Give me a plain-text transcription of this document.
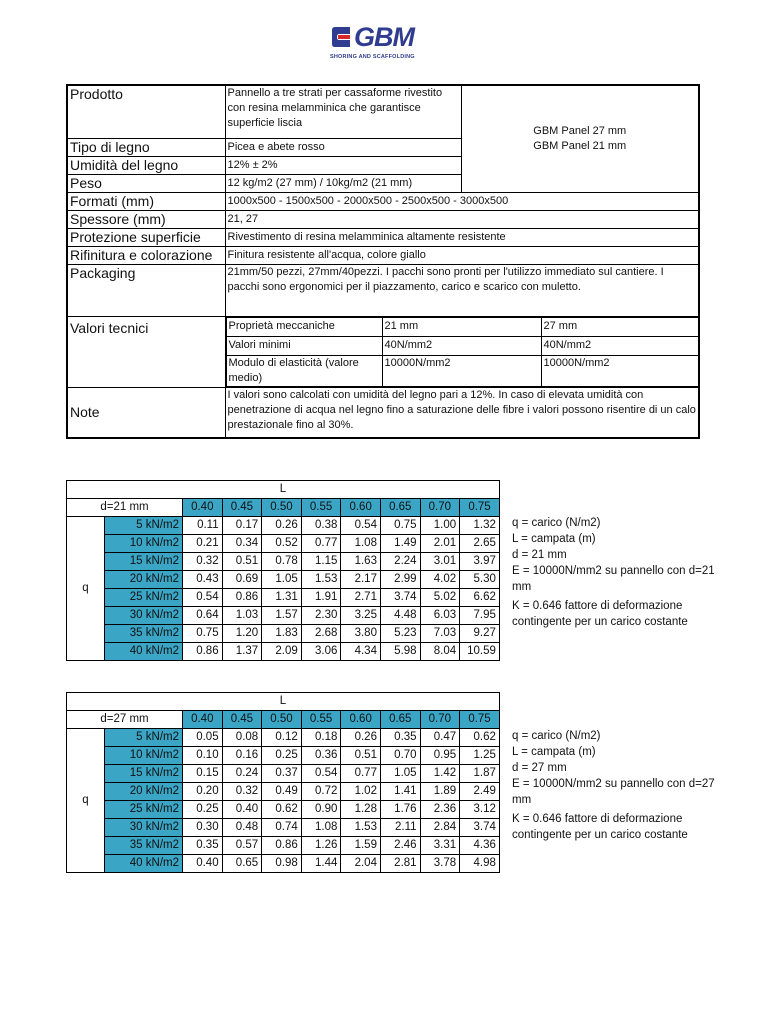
GBM
SHORING AND SCAFFOLDING
Prodotto	Pannello a tre strati per cassaforme rivestito con resina melamminica che garantisce superficie liscia	
GBM Panel 27 mm
GBM Panel 21 mm

Tipo di legno	Picea e abete rosso
Umidità del legno	12% ± 2%
Peso	12 kg/m2 (27 mm) / 10kg/m2 (21 mm)
Formati (mm)	1000x500 - 1500x500 - 2000x500 - 2500x500 - 3000x500
Spessore (mm)	21, 27
Protezione superficie	Rivestimento di resina melamminica altamente resistente
Rifinitura e colorazione	Finitura resistente all'acqua, colore giallo
Packaging	21mm/50 pezzi, 27mm/40pezzi. I pacchi sono pronti per l'utilizzo immediato sul cantiere. I pacchi sono ergonomici per il piazzamento, carico e scarico con muletto.
Valori tecnici		Proprietà meccaniche	21 mm	27 mm
Valori minimi	40N/mm2	40N/mm2
Modulo di elasticità (valore medio)	10000N/mm2	10000N/mm2

Note	I valori sono calcolati con umidità del legno pari a 12%. In caso di elevata umidità con penetrazione di acqua nel legno fino a saturazione delle fibre i valori possono risentire di un calo prestazionale fino al 30%.
L									
d=21 mm		0.40	0.45	0.50	0.55	0.60	0.65	0.70	0.75
q	5 kN/m2	0.11	0.17	0.26	0.38	0.54	0.75	1.00	1.32
	10 kN/m2	0.21	0.34	0.52	0.77	1.08	1.49	2.01	2.65
	15 kN/m2	0.32	0.51	0.78	1.15	1.63	2.24	3.01	3.97
	20 kN/m2	0.43	0.69	1.05	1.53	2.17	2.99	4.02	5.30
	25 kN/m2	0.54	0.86	1.31	1.91	2.71	3.74	5.02	6.62
	30 kN/m2	0.64	1.03	1.57	2.30	3.25	4.48	6.03	7.95
	35 kN/m2	0.75	1.20	1.83	2.68	3.80	5.23	7.03	9.27
	40 kN/m2	0.86	1.37	2.09	3.06	4.34	5.98	8.04	10.59

q = carico (N/m2)

L = campata (m)

d = 21 mm

E = 10000N/mm2 su pannello con d=21 mm

K = 0.646 fattore di deformazione contingente per un carico costante

L									
d=27 mm		0.40	0.45	0.50	0.55	0.60	0.65	0.70	0.75
q	5 kN/m2	0.05	0.08	0.12	0.18	0.26	0.35	0.47	0.62
	10 kN/m2	0.10	0.16	0.25	0.36	0.51	0.70	0.95	1.25
	15 kN/m2	0.15	0.24	0.37	0.54	0.77	1.05	1.42	1.87
	20 kN/m2	0.20	0.32	0.49	0.72	1.02	1.41	1.89	2.49
	25 kN/m2	0.25	0.40	0.62	0.90	1.28	1.76	2.36	3.12
	30 kN/m2	0.30	0.48	0.74	1.08	1.53	2.11	2.84	3.74
	35 kN/m2	0.35	0.57	0.86	1.26	1.59	2.46	3.31	4.36
	40 kN/m2	0.40	0.65	0.98	1.44	2.04	2.81	3.78	4.98

q = carico (N/m2)

L = campata (m)

d = 27 mm

E = 10000N/mm2 su pannello con d=27 mm

K = 0.646 fattore di deformazione contingente per un carico costante
